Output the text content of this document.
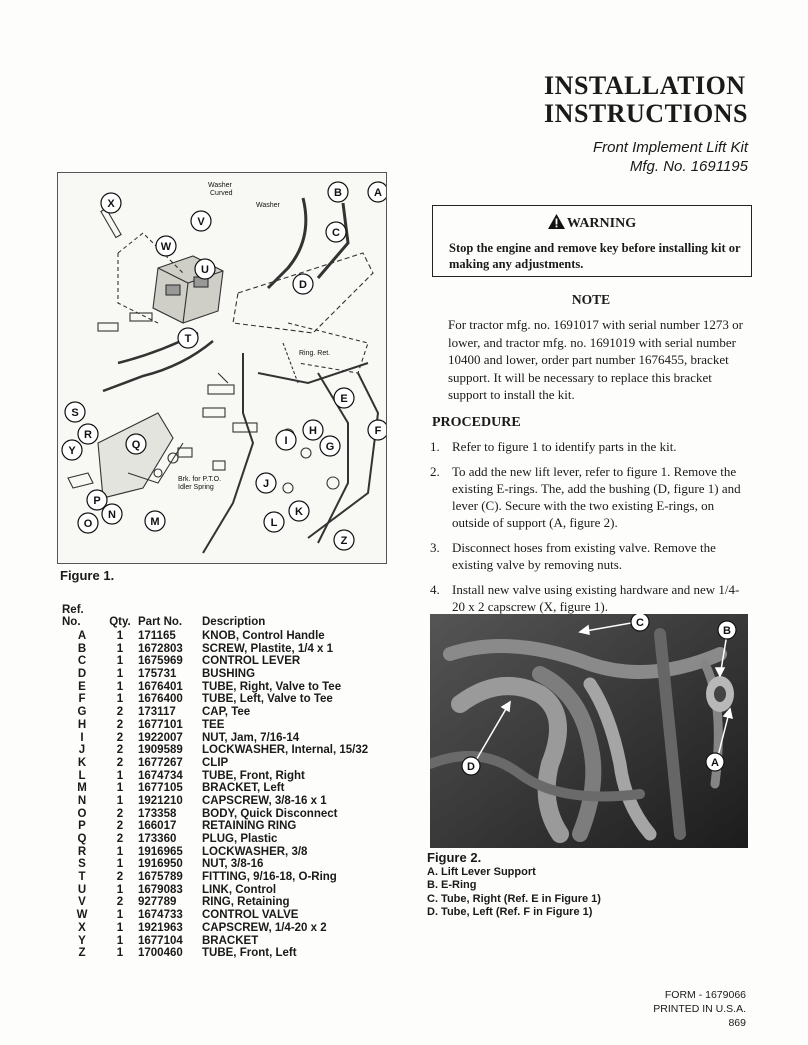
INSTALLATION
INSTRUCTIONS
Front Implement Lift Kit
Mfg. No. 1691195
Washer
Curved
Washer
Ring. Ret.
Brk. for P.T.O.
Idler Spring
X
W
V
U
T
B	A
C
D
S
R
Y	Q
P
O
N
M
E
F
H
G
I
J
L
K
Z
Figure 1.
Ref.
No.	Qty. Part No.	Description
A	1	171165	KNOB, Control Handle
B	1	1672803	SCREW, Plastite, 1/4 x 1
C	1	1675969	CONTROL LEVER
D	1	175731	BUSHING
E	1	1676401	TUBE, Right, Valve to Tee
F	1	1676400	TUBE, Left, Valve to Tee
G	2	173117	CAP, Tee
H	2	1677101	TEE
I	2	1922007	NUT, Jam, 7/16-14
J	2	1909589	LOCKWASHER, Internal, 15/32
K	2	1677267	CLIP
L	1	1674734	TUBE, Front, Right
M	1	1677105	BRACKET, Left
N	1	1921210	CAPSCREW, 3/8-16 x 1
O	2	173358	BODY, Quick Disconnect
P	2	166017	RETAINING RING
Q	2	173360	PLUG, Plastic
R	1	1916965	LOCKWASHER, 3/8
S	1	1916950	NUT, 3/8-16
T	2	1675789	FITTING, 9/16-18, O-Ring
U	1	1679083	LINK, Control
V	2	927789	RING, Retaining
W	1	1674733	CONTROL VALVE
X	1	1921963	CAPSCREW, 1/4-20 x 2
Y	1	1677104	BRACKET
Z	1	1700460	TUBE, Front, Left
WARNING
Stop the engine and remove key before installing kit or making any adjustments.
NOTE
For tractor mfg. no. 1691017 with serial number 1273 or lower, and tractor mfg. no. 1691019 with serial number 10400 and lower, order part number 1676455, bracket support. It will be necessary to replace this bracket support to install the kit.
PROCEDURE
1. Refer to figure 1 to identify parts in the kit.
2. To add the new lift lever, refer to figure 1. Remove the existing E-rings. The, add the bushing (D, figure 1) and lever (C). Secure with the two existing E-rings, on outside of support (A, figure 2).
3. Disconnect hoses from existing valve. Remove the existing valve by removing nuts.
4. Install new valve using existing hardware and new 1/4-20 x 2 capscrew (X, figure 1).
C
B
D	A
Figure 2.
A. Lift Lever Support
B. E-Ring
C. Tube, Right (Ref. E in Figure 1)
D. Tube, Left (Ref. F in Figure 1)
FORM - 1679066
PRINTED IN U.S.A.
869
